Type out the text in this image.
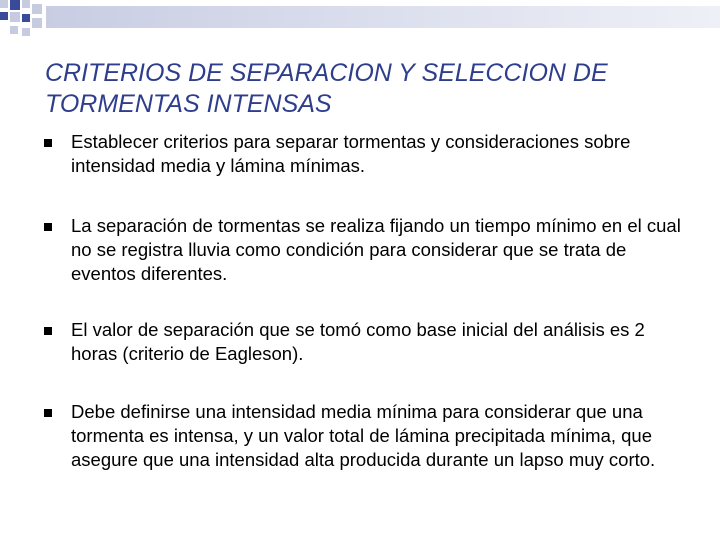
CRITERIOS DE SEPARACION Y SELECCION DE TORMENTAS INTENSAS
Establecer criterios para separar tormentas y consideraciones sobre intensidad media y lámina mínimas.
La separación de tormentas se realiza fijando un tiempo mínimo en el cual no se registra lluvia como condición para considerar que se trata de eventos diferentes.
El valor de separación que se tomó como base inicial del análisis es 2 horas (criterio de Eagleson).
Debe definirse una intensidad media mínima para considerar que una tormenta es intensa, y un valor total de lámina precipitada mínima, que asegure que una intensidad alta producida durante un lapso muy corto.
